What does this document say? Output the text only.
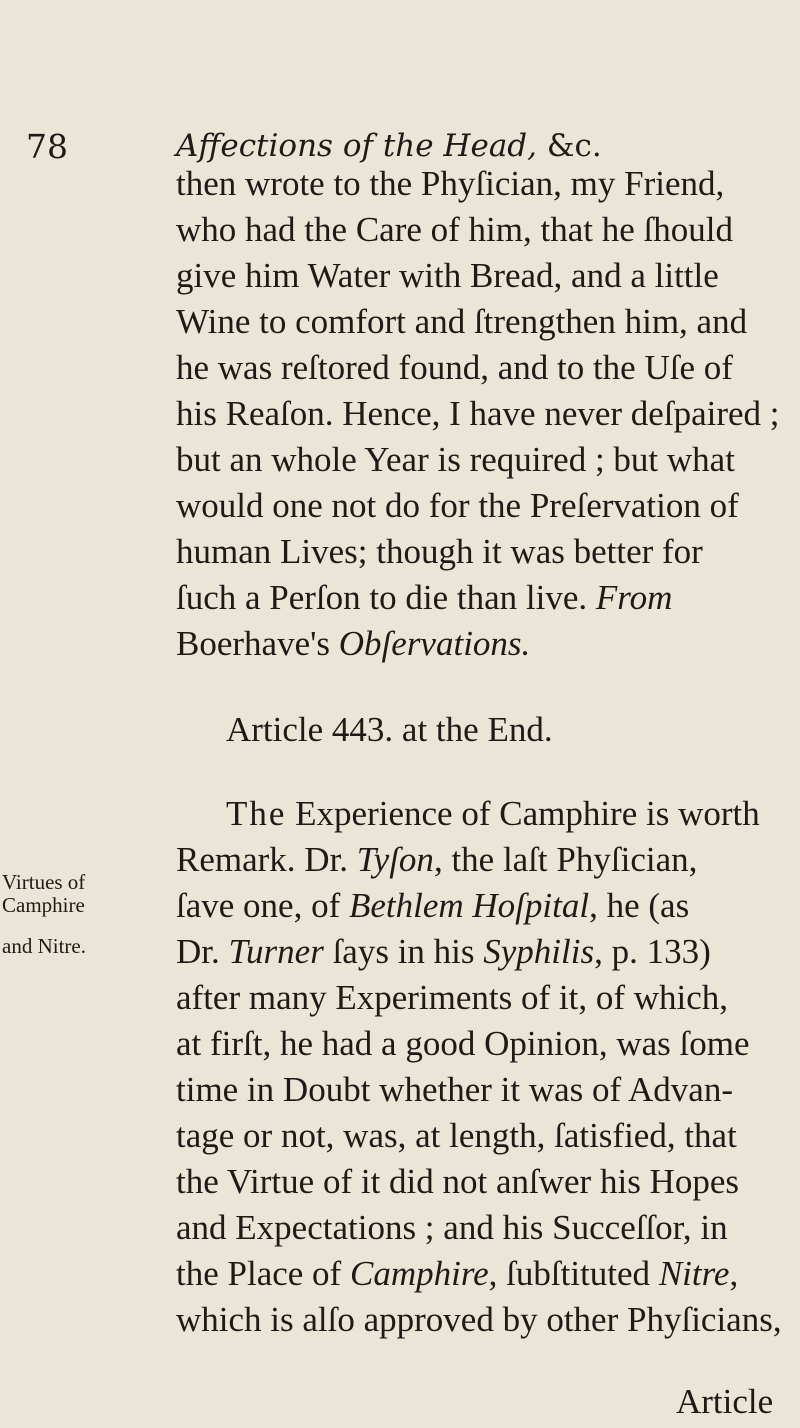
78	Affections of the Head, &c.
then wrote to the Phyſician, my Friend,
who had the Care of him, that he ſhould
give him Water with Bread, and a little
Wine to comfort and ſtrengthen him, and
he was reſtored found, and to the Uſe of
his Reaſon. Hence, I have never deſpaired ;
but an whole Year is required ; but what
would one not do for the Preſervation of
human Lives; though it was better for
ſuch a Perſon to die than live. From
Boerhave's Obſervations.
Article 443. at the End.
The Experience of Camphire is worth
Remark. Dr. Tyſon, the laſt Phyſician,
ſave one, of Bethlem Hoſpital, he (as
Dr. Turner ſays in his Syphilis, p. 133)
after many Experiments of it, of which,
at firſt, he had a good Opinion, was ſome
time in Doubt whether it was of Advan-
tage or not, was, at length, ſatisfied, that
the Virtue of it did not anſwer his Hopes
and Expectations ; and his Succeſſor, in
the Place of Camphire, ſubſtituted Nitre,
which is alſo approved by other Phyſicians,
Virtues of
Camphire
and Nitre.
Article
